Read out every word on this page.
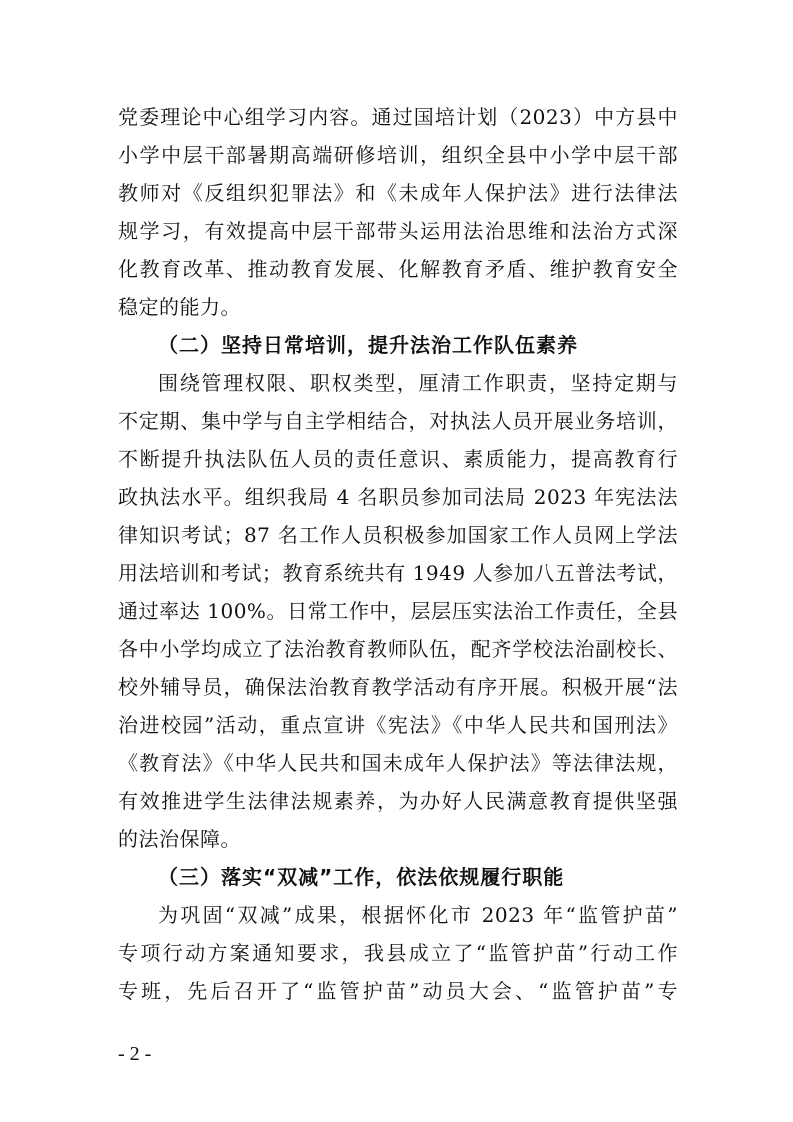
党委理论中心组学习内容。通过国培计划（2023）中方县中
小学中层干部暑期高端研修培训，组织全县中小学中层干部
教师对《反组织犯罪法》和《未成年人保护法》进行法律法
规学习，有效提高中层干部带头运用法治思维和法治方式深
化教育改革、推动教育发展、化解教育矛盾、维护教育安全
稳定的能力。
（二）坚持日常培训，提升法治工作队伍素养
围绕管理权限、职权类型，厘清工作职责，坚持定期与
不定期、集中学与自主学相结合，对执法人员开展业务培训，
不断提升执法队伍人员的责任意识、素质能力，提高教育行
政执法水平。组织我局 4 名职员参加司法局 2023 年宪法法
律知识考试；87 名工作人员积极参加国家工作人员网上学法
用法培训和考试；教育系统共有 1949 人参加八五普法考试，
通过率达 100%。日常工作中，层层压实法治工作责任，全县
各中小学均成立了法治教育教师队伍，配齐学校法治副校长、
校外辅导员，确保法治教育教学活动有序开展。积极开展“法
治进校园”活动，重点宣讲《宪法》《中华人民共和国刑法》
《教育法》《中华人民共和国未成年人保护法》等法律法规，
有效推进学生法律法规素养，为办好人民满意教育提供坚强
的法治保障。
（三）落实“双减”工作，依法依规履行职能
为巩固“双减”成果，根据怀化市 2023 年“监管护苗”
专项行动方案通知要求，我县成立了“监管护苗”行动工作
专班，先后召开了“监管护苗”动员大会、“监管护苗”专
- 2 -
